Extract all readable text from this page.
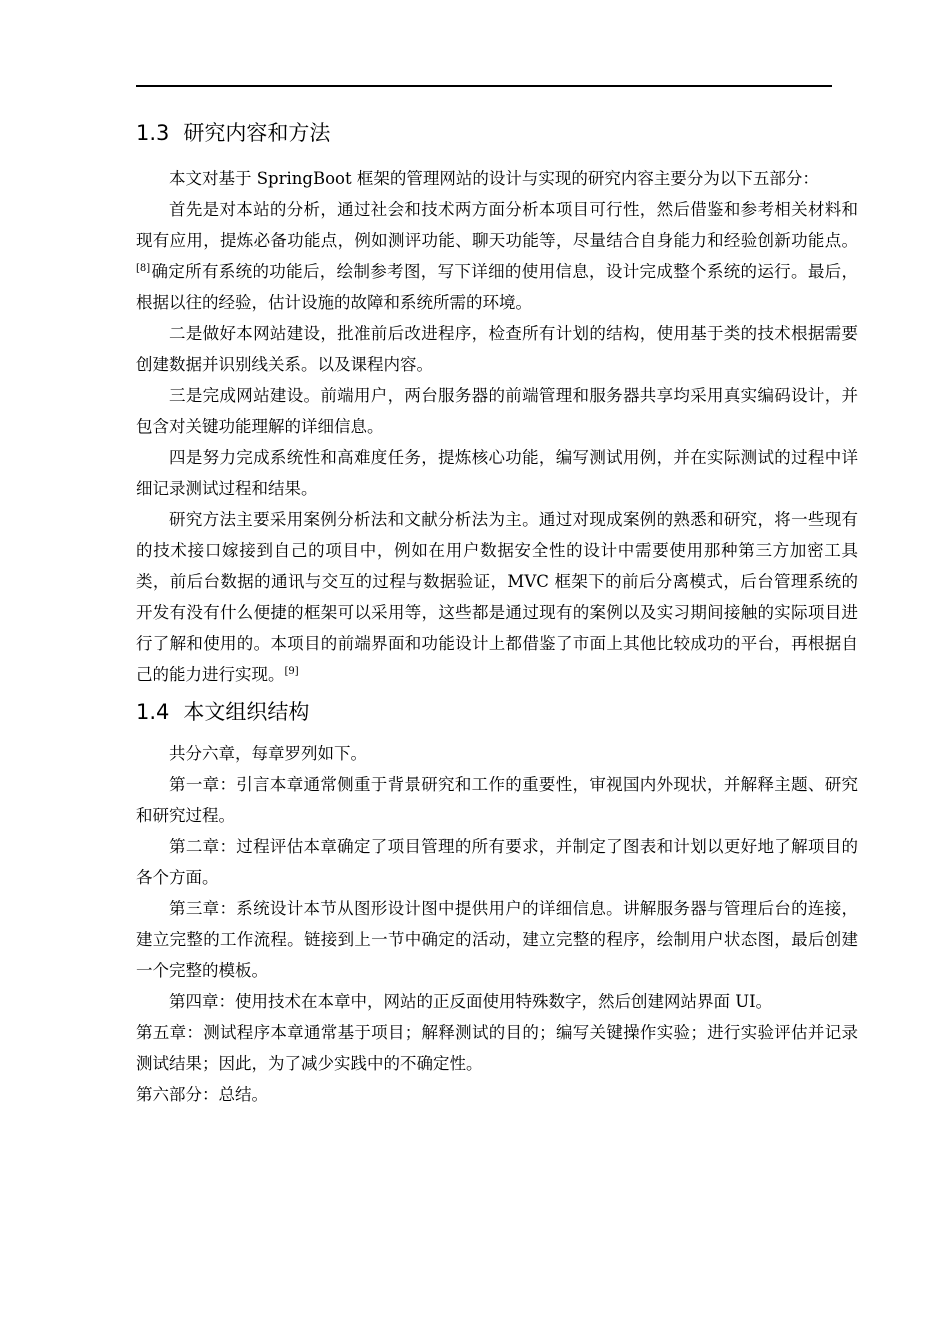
1.3 研究内容和方法

本文对基于 SpringBoot 框架的管理网站的设计与实现的研究内容主要分为以下五部分：

首先是对本站的分析，通过社会和技术两方面分析本项目可行性，然后借鉴和参考相关材料和现有应用，提炼必备功能点，例如测评功能、聊天功能等，尽量结合自身能力和经验创新功能点。[8]确定所有系统的功能后，绘制参考图，写下详细的使用信息，设计完成整个系统的运行。最后，根据以往的经验，估计设施的故障和系统所需的环境。

二是做好本网站建设，批准前后改进程序，检查所有计划的结构，使用基于类的技术根据需要创建数据并识别线关系。以及课程内容。

三是完成网站建设。前端用户，两台服务器的前端管理和服务器共享均采用真实编码设计，并包含对关键功能理解的详细信息。

四是努力完成系统性和高难度任务，提炼核心功能，编写测试用例，并在实际测试的过程中详细记录测试过程和结果。

研究方法主要采用案例分析法和文献分析法为主。通过对现成案例的熟悉和研究，将一些现有的技术接口嫁接到自己的项目中，例如在用户数据安全性的设计中需要使用那种第三方加密工具类，前后台数据的通讯与交互的过程与数据验证，MVC 框架下的前后分离模式，后台管理系统的开发有没有什么便捷的框架可以采用等，这些都是通过现有的案例以及实习期间接触的实际项目进行了解和使用的。本项目的前端界面和功能设计上都借鉴了市面上其他比较成功的平台，再根据自己的能力进行实现。[9]

1.4 本文组织结构

共分六章，每章罗列如下。

第一章：引言本章通常侧重于背景研究和工作的重要性，审视国内外现状，并解释主题、研究和研究过程。

第二章：过程评估本章确定了项目管理的所有要求，并制定了图表和计划以更好地了解项目的各个方面。

第三章：系统设计本节从图形设计图中提供用户的详细信息。讲解服务器与管理后台的连接，建立完整的工作流程。链接到上一节中确定的活动，建立完整的程序，绘制用户状态图，最后创建一个完整的模板。

第四章：使用技术在本章中，网站的正反面使用特殊数字，然后创建网站界面 UI。

第五章：测试程序本章通常基于项目；解释测试的目的；编写关键操作实验；进行实验评估并记录测试结果；因此，为了减少实践中的不确定性。

第六部分：总结。
